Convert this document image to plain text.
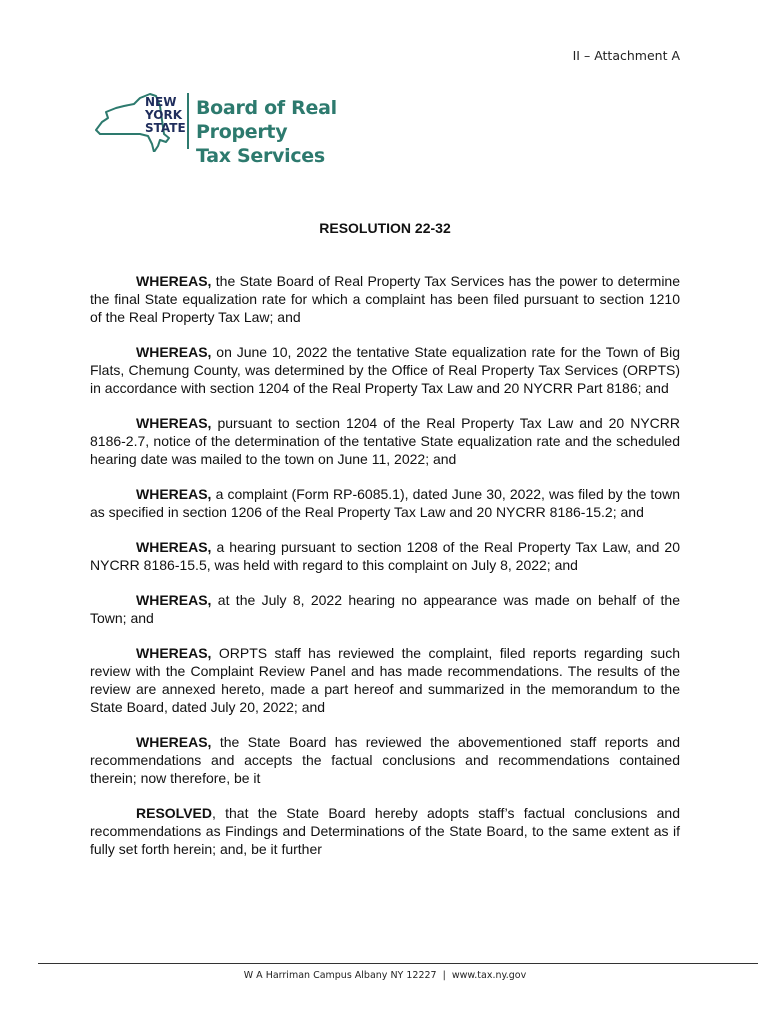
II – Attachment A
NEW
YORK
STATE
Board of Real Property
Tax Services
RESOLUTION 22-32

WHEREAS, the State Board of Real Property Tax Services has the power to determine the final State equalization rate for which a complaint has been filed pursuant to section 1210 of the Real Property Tax Law; and

WHEREAS, on June 10, 2022 the tentative State equalization rate for the Town of Big Flats, Chemung County, was determined by the Office of Real Property Tax Services (ORPTS) in accordance with section 1204 of the Real Property Tax Law and 20 NYCRR Part 8186; and

WHEREAS, pursuant to section 1204 of the Real Property Tax Law and 20 NYCRR 8186-2.7, notice of the determination of the tentative State equalization rate and the scheduled hearing date was mailed to the town on June 11, 2022; and

WHEREAS, a complaint (Form RP-6085.1), dated June 30, 2022, was filed by the town as specified in section 1206 of the Real Property Tax Law and 20 NYCRR 8186-15.2; and

WHEREAS, a hearing pursuant to section 1208 of the Real Property Tax Law, and 20 NYCRR 8186-15.5, was held with regard to this complaint on July 8, 2022; and

WHEREAS, at the July 8, 2022 hearing no appearance was made on behalf of the Town; and

WHEREAS, ORPTS staff has reviewed the complaint, filed reports regarding such review with the Complaint Review Panel and has made recommendations. The results of the review are annexed hereto, made a part hereof and summarized in the memorandum to the State Board, dated July 20, 2022; and

WHEREAS, the State Board has reviewed the abovementioned staff reports and recommendations and accepts the factual conclusions and recommendations contained therein; now therefore, be it

RESOLVED, that the State Board hereby adopts staff’s factual conclusions and recommendations as Findings and Determinations of the State Board, to the same extent as if fully set forth herein; and, be it further

W A Harriman Campus Albany NY 12227 | www.tax.ny.gov
